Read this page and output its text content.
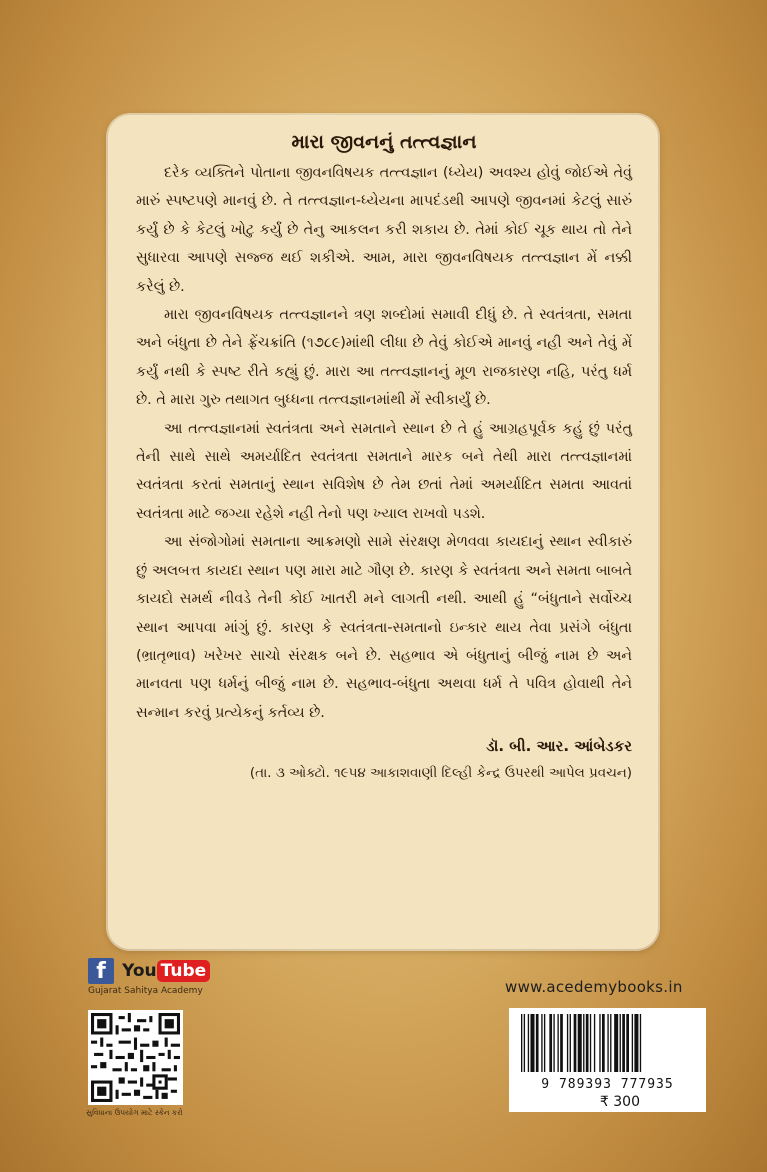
મારા જીવનનું તત્ત્વજ્ઞાન

દરેક વ્યક્તિને પોતાના જીવનવિષયક તત્ત્વજ્ઞાન (ધ્યેય) અવશ્ય હોવું જોઈએ તેવું મારું સ્પષ્ટપણે માનવું છે. તે તત્ત્વજ્ઞાન-ધ્યેયના માપદંડથી આપણે જીવનમાં કેટલું સારું કર્યું છે કે કેટલું ખોટુ કર્યું છે તેનુ આકલન કરી શકાય છે. તેમાં કોઈ ચૂક થાય તો તેને સુધારવા આપણે સજ્જ થઈ શકીએ. આમ, મારા જીવનવિષયક તત્ત્વજ્ઞાન મેં નક્કી કરેલું છે.

મારા જીવનવિષયક તત્ત્વજ્ઞાનને ત્રણ શબ્દોમાં સમાવી દીધું છે. તે સ્વતંત્રતા, સમતા અને બંધુતા છે તેને ફ્રેંચક્રાંતિ (૧૭૮૯)માંથી લીધા છે તેવું કોઈએ માનવું નહી અને તેવું મેં કર્યું નથી કે સ્પષ્ટ રીતે કહ્યું છું. મારા આ તત્ત્વજ્ઞાનનું મૂળ રાજકારણ નહિ, પરંતુ ધર્મ છે. તે મારા ગુરુ તથાગત બુધ્ધના તત્ત્વજ્ઞાનમાંથી મેં સ્વીકાર્યું છે.

આ તત્ત્વજ્ઞાનમાં સ્વતંત્રતા અને સમતાને સ્થાન છે તે હું આગ્રહપૂર્વક કહું છું પરંતુ તેની સાથે સાથે અમર્યાદિત સ્વતંત્રતા સમતાને મારક બને તેથી મારા તત્ત્વજ્ઞાનમાં સ્વતંત્રતા કરતાં સમતાનું સ્થાન સવિશેષ છે તેમ છતાં તેમાં અમર્યાદિત સમતા આવતાં સ્વતંત્રતા માટે જગ્યા રહેશે નહી તેનો પણ ખ્યાલ રાખવો પડશે.

આ સંજોગોમાં સમતાના આક્રમણો સામે સંરક્ષણ મેળવવા કાયદાનું સ્થાન સ્વીકારું છું અલબત્ત કાયદા સ્થાન પણ મારા માટે ગૌણ છે. કારણ કે સ્વતંત્રતા અને સમતા બાબતે કાયદો સમર્થ નીવડે તેની કોઈ ખાતરી મને લાગતી નથી. આથી હું “બંધુતાને સર્વોચ્ચ સ્થાન આપવા માંગું છું. કારણ કે સ્વતંત્રતા-સમતાનો ઇન્કાર થાય તેવા પ્રસંગે બંધુતા (ભ્રાતૃભાવ) ખરેખર સાચો સંરક્ષક બને છે. સહભાવ એ બંધુતાનું બીજું નામ છે અને માનવતા પણ ધર્મનું બીજું નામ છે. સહભાવ-બંધુતા અથવા ધર્મ તે પવિત્ર હોવાથી તેને સન્માન કરવું પ્રત્યેકનું કર્તવ્ય છે.

ડૉ. બી. આર. આંબેડકર

(તા. ૩ ઓક્ટો. ૧૯૫૪ આકાશવાણી દિલ્હી કેન્દ્ર ઉપરથી આપેલ પ્રવચન)

f You Tube
Gujarat Sahitya Academy
સુવિધાના ઉપયોગ માટે સ્કેન કરો
www.acedemybooks.in
9 789393 777935
₹ 300
